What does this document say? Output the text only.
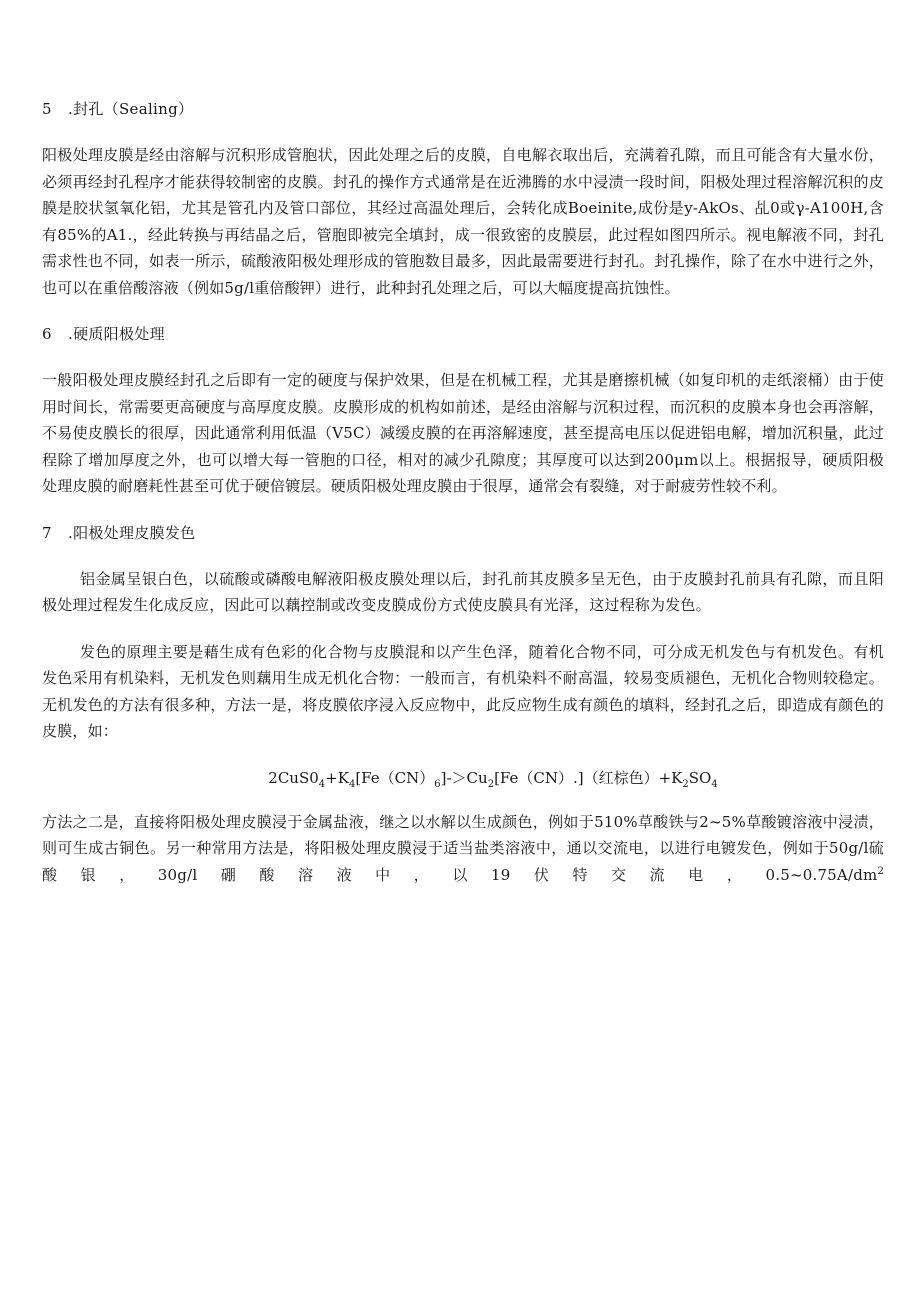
5 .封孔（Sealing）

阳极处理皮膜是经由溶解与沉积形成管胞状，因此处理之后的皮膜，自电解衣取出后，充满着孔隙，而且可能含有大量水份，必须再经封孔程序才能获得较制密的皮膜。封孔的操作方式通常是在近沸腾的水中浸渍一段时间，阳极处理过程溶解沉积的皮膜是胶状氢氧化铝，尤其是管孔内及管口部位，其经过高温处理后，会转化成Boeinite,成份是y-AkOs、乩0或γ-A100H,含有85%的A1.，经此转换与再结晶之后，管胞即被完全填封，成一很致密的皮膜层，此过程如图四所示。视电解液不同，封孔需求性也不同，如表一所示，硫酸液阳极处理形成的管胞数目最多，因此最需要进行封孔。封孔操作，除了在水中进行之外，也可以在重倍酸溶液（例如5g/l重倍酸钾）进行，此种封孔处理之后，可以大幅度提高抗蚀性。

6 .硬质阳极处理

一般阳极处理皮膜经封孔之后即有一定的硬度与保护效果，但是在机械工程，尤其是磨擦机械（如复印机的走纸滚桶）由于使用时间长，常需要更高硬度与高厚度皮膜。皮膜形成的机构如前述，是经由溶解与沉积过程，而沉积的皮膜本身也会再溶解，不易使皮膜长的很厚，因此通常利用低温（V5C）减缓皮膜的在再溶解速度，甚至提高电压以促进铝电解，增加沉积量，此过程除了增加厚度之外，也可以增大每一管胞的口径，相对的减少孔隙度；其厚度可以达到200μm以上。根据报导，硬质阳极处理皮膜的耐磨耗性甚至可优于硬倍镀层。硬质阳极处理皮膜由于很厚，通常会有裂缝，对于耐疲劳性较不利。

7 .阳极处理皮膜发色

铝金属呈银白色，以硫酸或磷酸电解液阳极皮膜处理以后，封孔前其皮膜多呈无色，由于皮膜封孔前具有孔隙，而且阳极处理过程发生化成反应，因此可以藕控制或改变皮膜成份方式使皮膜具有光泽，这过程称为发色。

发色的原理主要是藉生成有色彩的化合物与皮膜混和以产生色泽，随着化合物不同，可分成无机发色与有机发色。有机发色采用有机染料，无机发色则藕用生成无机化合物：一般而言，有机染料不耐高温，较易变质褪色，无机化合物则较稳定。无机发色的方法有很多种，方法一是，将皮膜依序浸入反应物中，此反应物生成有颜色的填料，经封孔之后，即造成有颜色的皮膜，如：

$2CuS0_4+K_4[Fe(CN)_6]->Cu_2[Fe(CN).]$（红棕色）$+K_2SO_4$

方法之二是，直接将阳极处理皮膜浸于金属盐液，继之以水解以生成颜色，例如于510%草酸铁与2~5%草酸镀溶液中浸渍，则可生成古铜色。另一种常用方法是，将阳极处理皮膜浸于适当盐类溶液中，通以交流电，以进行电镀发色，例如于50g/l硫酸银，30g/l硼酸溶液中，以19伏特交流电，$0.5\sim 0.75A/dm^2$
